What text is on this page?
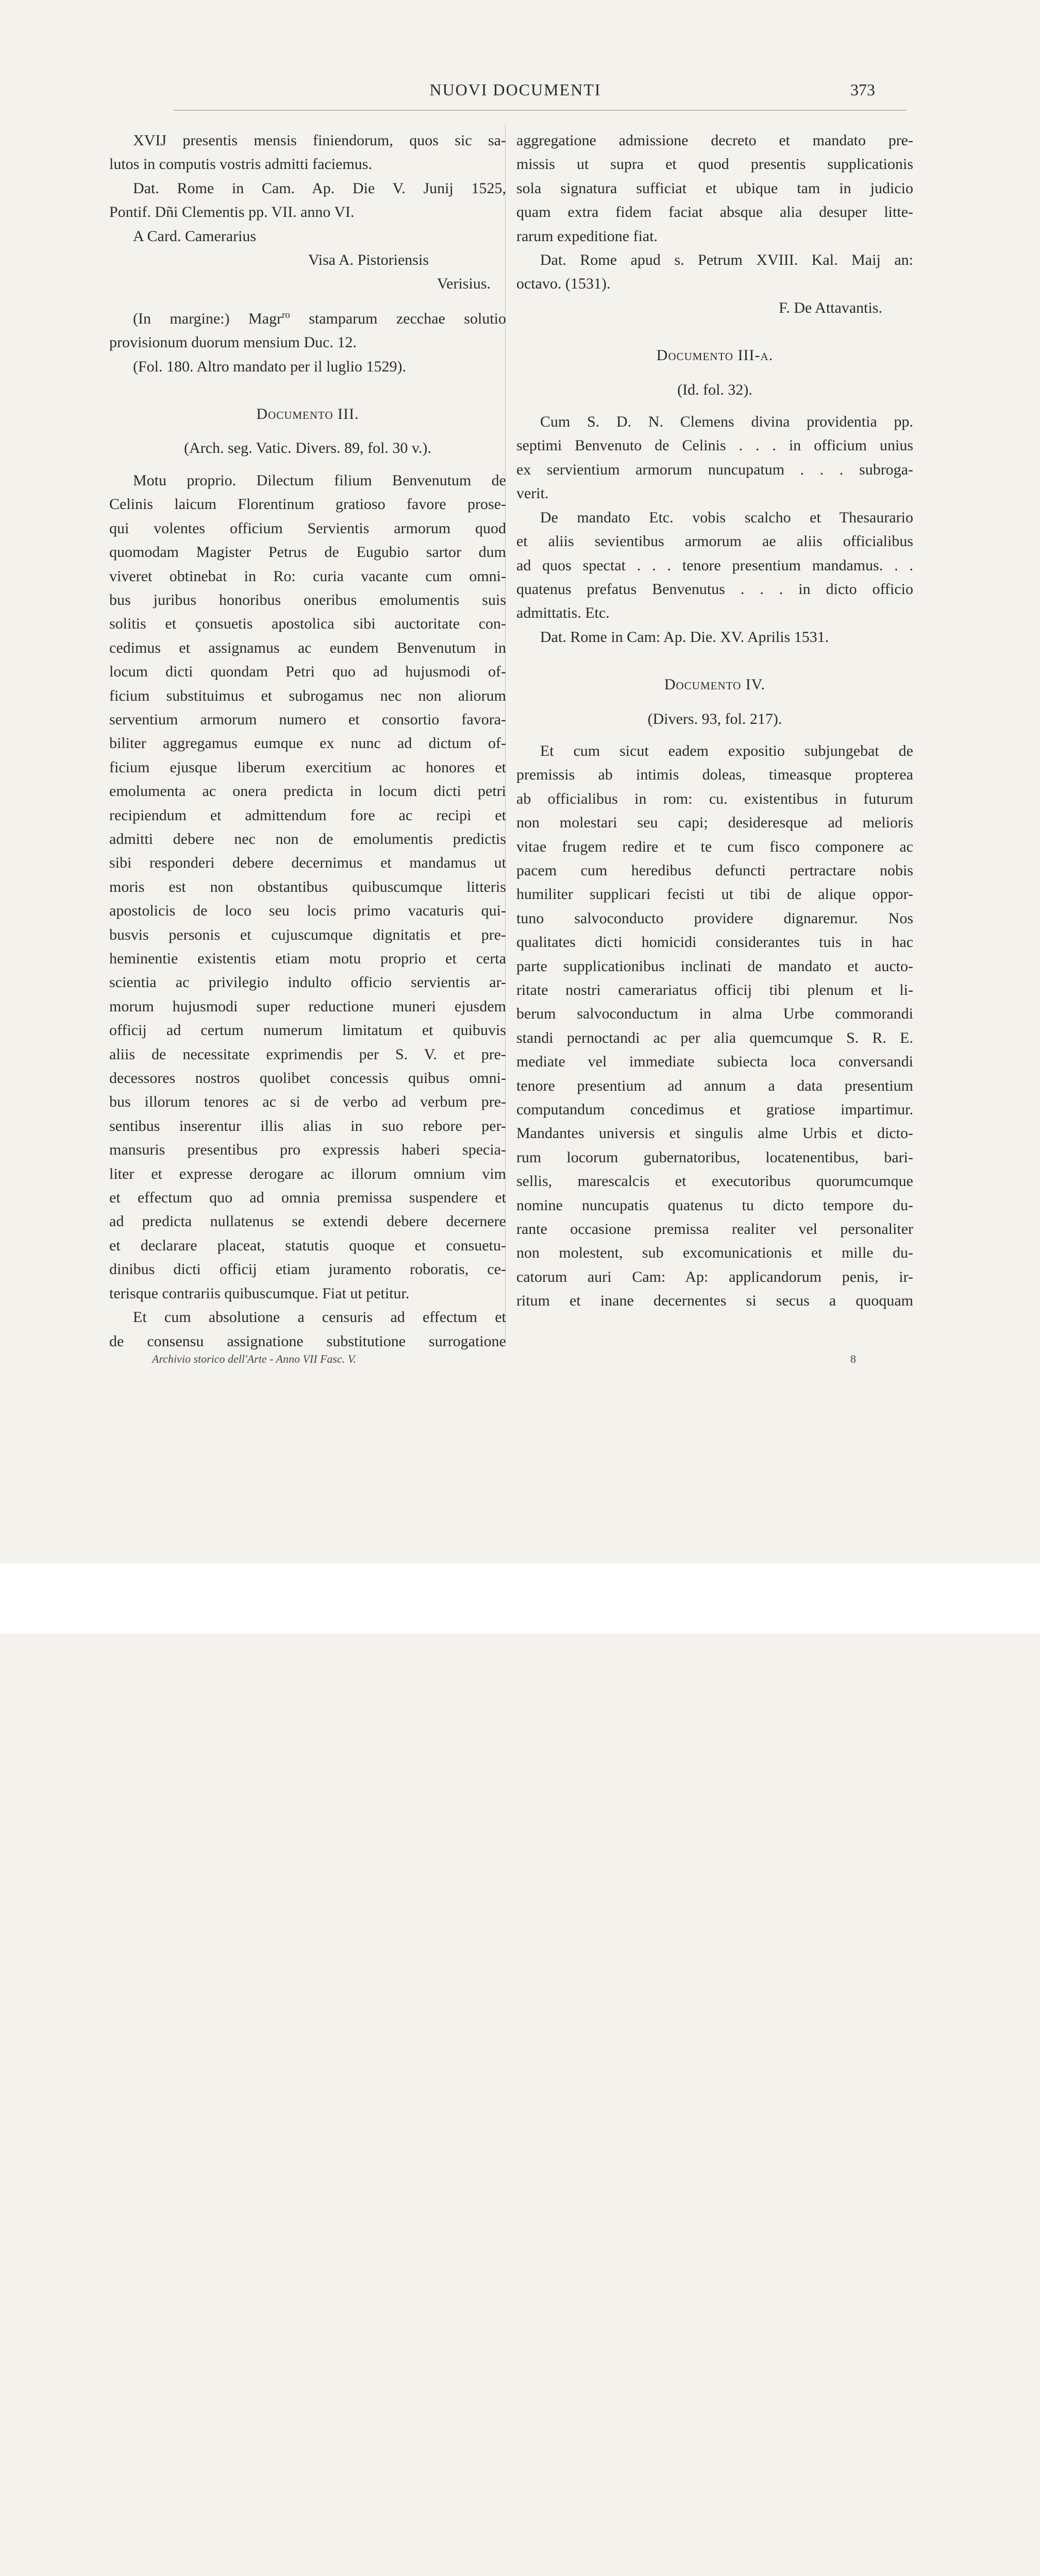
NUOVI DOCUMENTI	373

XVIJ presentis mensis finiendorum, quos sic sa-

lutos in computis vostris admitti faciemus.

Dat. Rome in Cam. Ap. Die V. Junij 1525,

Pontif. Dñi Clementis pp. VII. anno VI.

A Card. Camerarius

Visa A. Pistoriensis

Verisius.

(In margine:) Magr$^{ro}$ stamparum zecchae solutio

provisionum duorum mensium Duc. 12.

(Fol. 180. Altro mandato per il luglio 1529).

Documento III.

(Arch. seg. Vatic. Divers. 89, fol. 30 v.).

Motu proprio. Dilectum filium Benvenutum de

Celinis laicum Florentinum gratioso favore prose-

qui volentes officium Servientis armorum quod

quomodam Magister Petrus de Eugubio sartor dum

viveret obtinebat in Ro: curia vacante cum omni-

bus juribus honoribus oneribus emolumentis suis

solitis et çonsuetis apostolica sibi auctoritate con-

cedimus et assignamus ac eundem Benvenutum in

locum dicti quondam Petri quo ad hujusmodi of-

ficium substituimus et subrogamus nec non aliorum

serventium armorum numero et consortio favora-

biliter aggregamus eumque ex nunc ad dictum of-

ficium ejusque liberum exercitium ac honores et

emolumenta ac onera predicta in locum dicti petri

recipiendum et admittendum fore ac recipi et

admitti debere nec non de emolumentis predictis

sibi responderi debere decernimus et mandamus ut

moris est non obstantibus quibuscumque litteris

apostolicis de loco seu locis primo vacaturis qui-

busvis personis et cujuscumque dignitatis et pre-

heminentie existentis etiam motu proprio et certa

scientia ac privilegio indulto officio servientis ar-

morum hujusmodi super reductione muneri ejusdem

officij ad certum numerum limitatum et quibuvis

aliis de necessitate exprimendis per S. V. et pre-

decessores nostros quolibet concessis quibus omni-

bus illorum tenores ac si de verbo ad verbum pre-

sentibus inserentur illis alias in suo rebore per-

mansuris presentibus pro expressis haberi specia-

liter et expresse derogare ac illorum omnium vim

et effectum quo ad omnia premissa suspendere et

ad predicta nullatenus se extendi debere decernere

et declarare placeat, statutis quoque et consuetu-

dinibus dicti officij etiam juramento roboratis, ce-

terisque contrariis quibuscumque. Fiat ut petitur.

Et cum absolutione a censuris ad effectum et

de consensu assignatione substitutione surrogatione

aggregatione admissione decreto et mandato pre-

missis ut supra et quod presentis supplicationis

sola signatura sufficiat et ubique tam in judicio

quam extra fidem faciat absque alia desuper litte-

rarum expeditione fiat.

Dat. Rome apud s. Petrum XVIII. Kal. Maij an:

octavo. (1531).

F. De Attavantis.

Documento III-a.

(Id. fol. 32).

Cum S. D. N. Clemens divina providentia pp.

septimi Benvenuto de Celinis . . . in officium unius

ex servientium armorum nuncupatum . . . subroga-

verit.

De mandato Etc. vobis scalcho et Thesaurario

et aliis sevientibus armorum ae aliis officialibus

ad quos spectat . . . tenore presentium mandamus. . .

quatenus prefatus Benvenutus . . . in dicto officio

admittatis. Etc.

Dat. Rome in Cam: Ap. Die. XV. Aprilis 1531.

Documento IV.

(Divers. 93, fol. 217).

Et cum sicut eadem expositio subjungebat de

premissis ab intimis doleas, timeasque propterea

ab officialibus in rom: cu. existentibus in futurum

non molestari seu capi; desideresque ad melioris

vitae frugem redire et te cum fisco componere ac

pacem cum heredibus defuncti pertractare nobis

humiliter supplicari fecisti ut tibi de alique oppor-

tuno salvoconducto providere dignaremur. Nos

qualitates dicti homicidi considerantes tuis in hac

parte supplicationibus inclinati de mandato et aucto-

ritate nostri camerariatus officij tibi plenum et li-

berum salvoconductum in alma Urbe commorandi

standi pernoctandi ac per alia quemcumque S. R. E.

mediate vel immediate subiecta loca conversandi

tenore presentium ad annum a data presentium

computandum concedimus et gratiose impartimur.

Mandantes universis et singulis alme Urbis et dicto-

rum locorum gubernatoribus, locatenentibus, bari-

sellis, marescalcis et executoribus quorumcumque

nomine nuncupatis quatenus tu dicto tempore du-

rante occasione premissa realiter vel personaliter

non molestent, sub excomunicationis et mille du-

catorum auri Cam: Ap: applicandorum penis, ir-

ritum et inane decernentes si secus a quoquam

Archivio storico dell'Arte - Anno VII Fasc. V.	8
